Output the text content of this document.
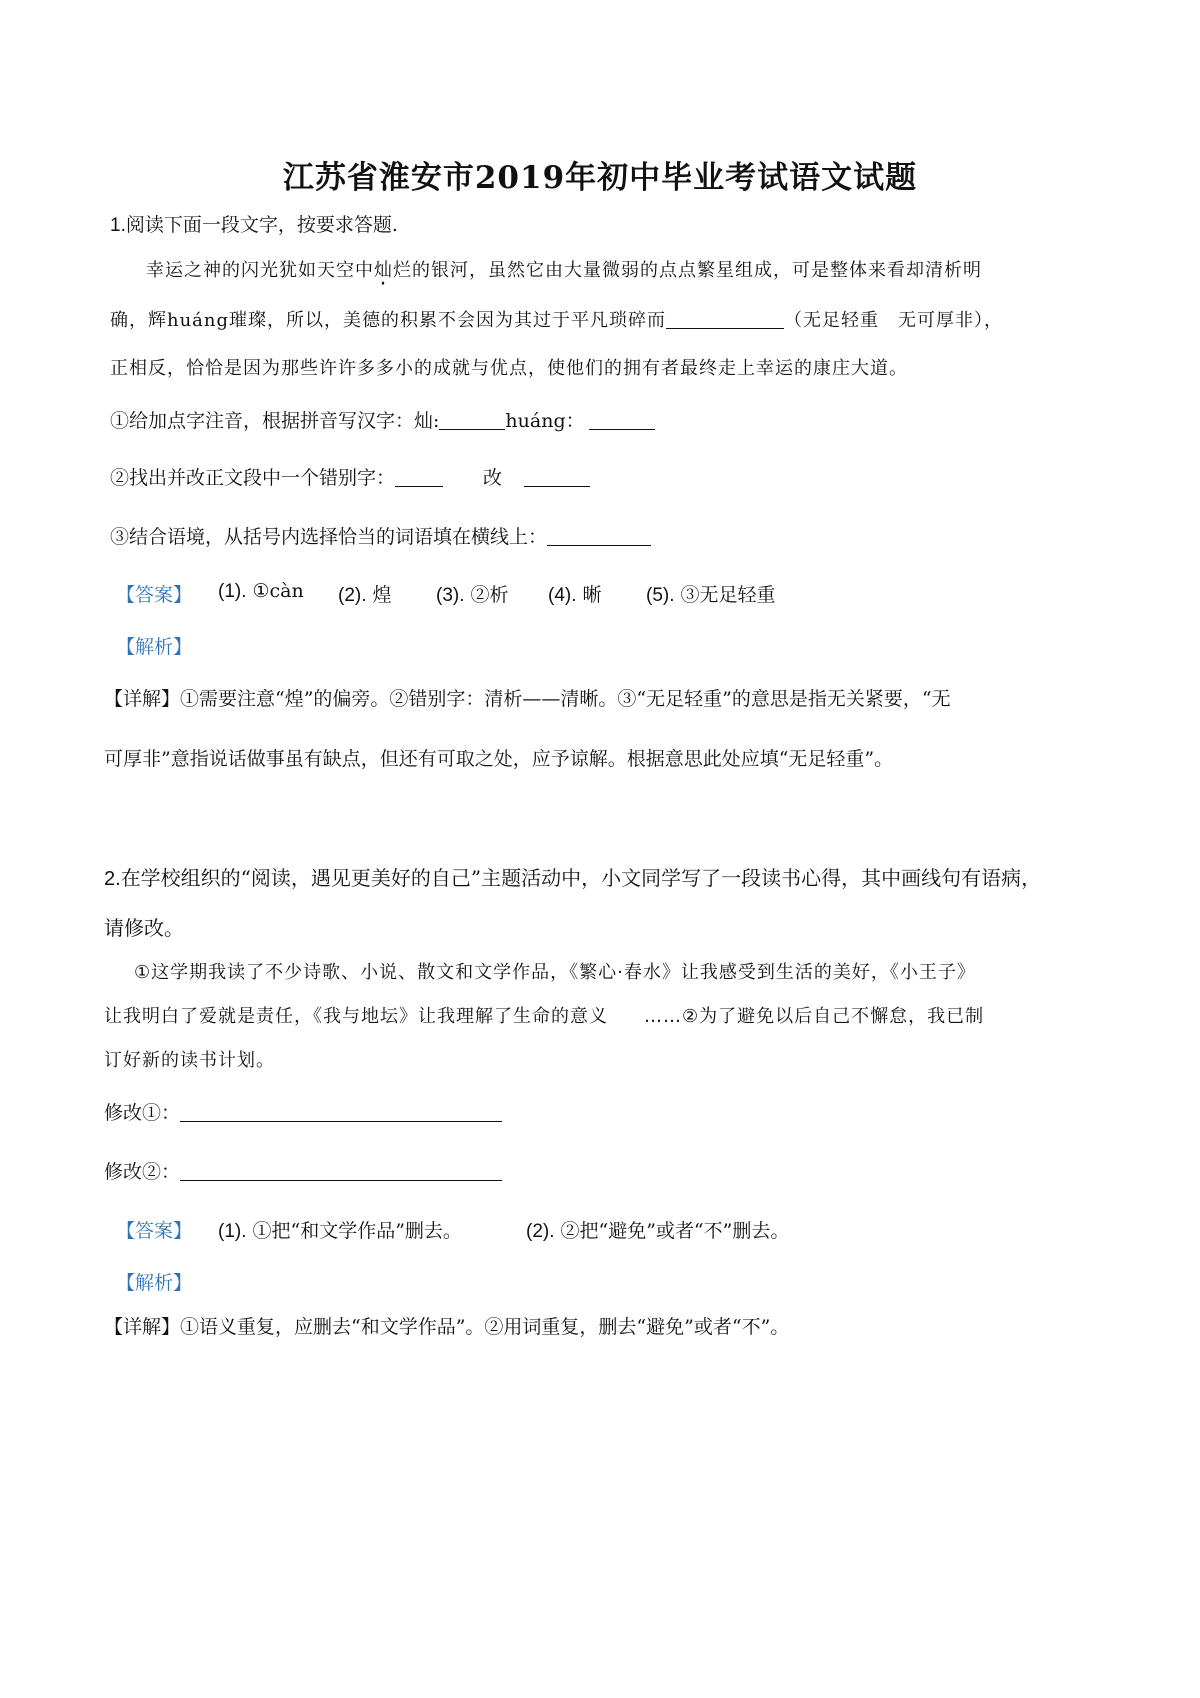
江苏省淮安市2019年初中毕业考试语文试题
1.阅读下面一段文字，按要求答题.
幸运之神的闪光犹如天空中灿烂的银河，虽然它由大量微弱的点点繁星组成，可是整体来看却清析明
确，辉huáng璀璨，所以，美德的积累不会因为其过于平凡琐碎而	（无足轻重　无可厚非），
正相反，恰恰是因为那些许许多多小的成就与优点，使他们的拥有者最终走上幸运的康庄大道。
①给加点字注音，根据拼音写汉字：灿:	huáng：
②找出并改正文段中一个错别字：	改
③结合语境，从括号内选择恰当的词语填在横线上：
【答案】 (1). ①càn (2). 煌 (3). ②析 (4). 晰 (5). ③无足轻重
【解析】
【详解】①需要注意“煌”的偏旁。②错别字：清析——清晰。③“无足轻重”的意思是指无关紧要，“无
可厚非”意指说话做事虽有缺点，但还有可取之处，应予谅解。根据意思此处应填“无足轻重”。
2.在学校组织的“阅读，遇见更美好的自己”主题活动中，小文同学写了一段读书心得，其中画线句有语病，
请修改。
①这学期我读了不少诗歌、小说、散文和文学作品，《繁心·春水》让我感受到生活的美好，《小王子》
让我明白了爱就是责任，《我与地坛》让我理解了生命的意义 ……②为了避免以后自己不懈怠，我已制
订好新的读书计划。
修改①：
修改②：
【答案】 (1). ①把“和文学作品”删去。	(2). ②把“避免”或者“不”删去。
【解析】
【详解】①语义重复，应删去“和文学作品”。②用词重复，删去“避免”或者“不”。
